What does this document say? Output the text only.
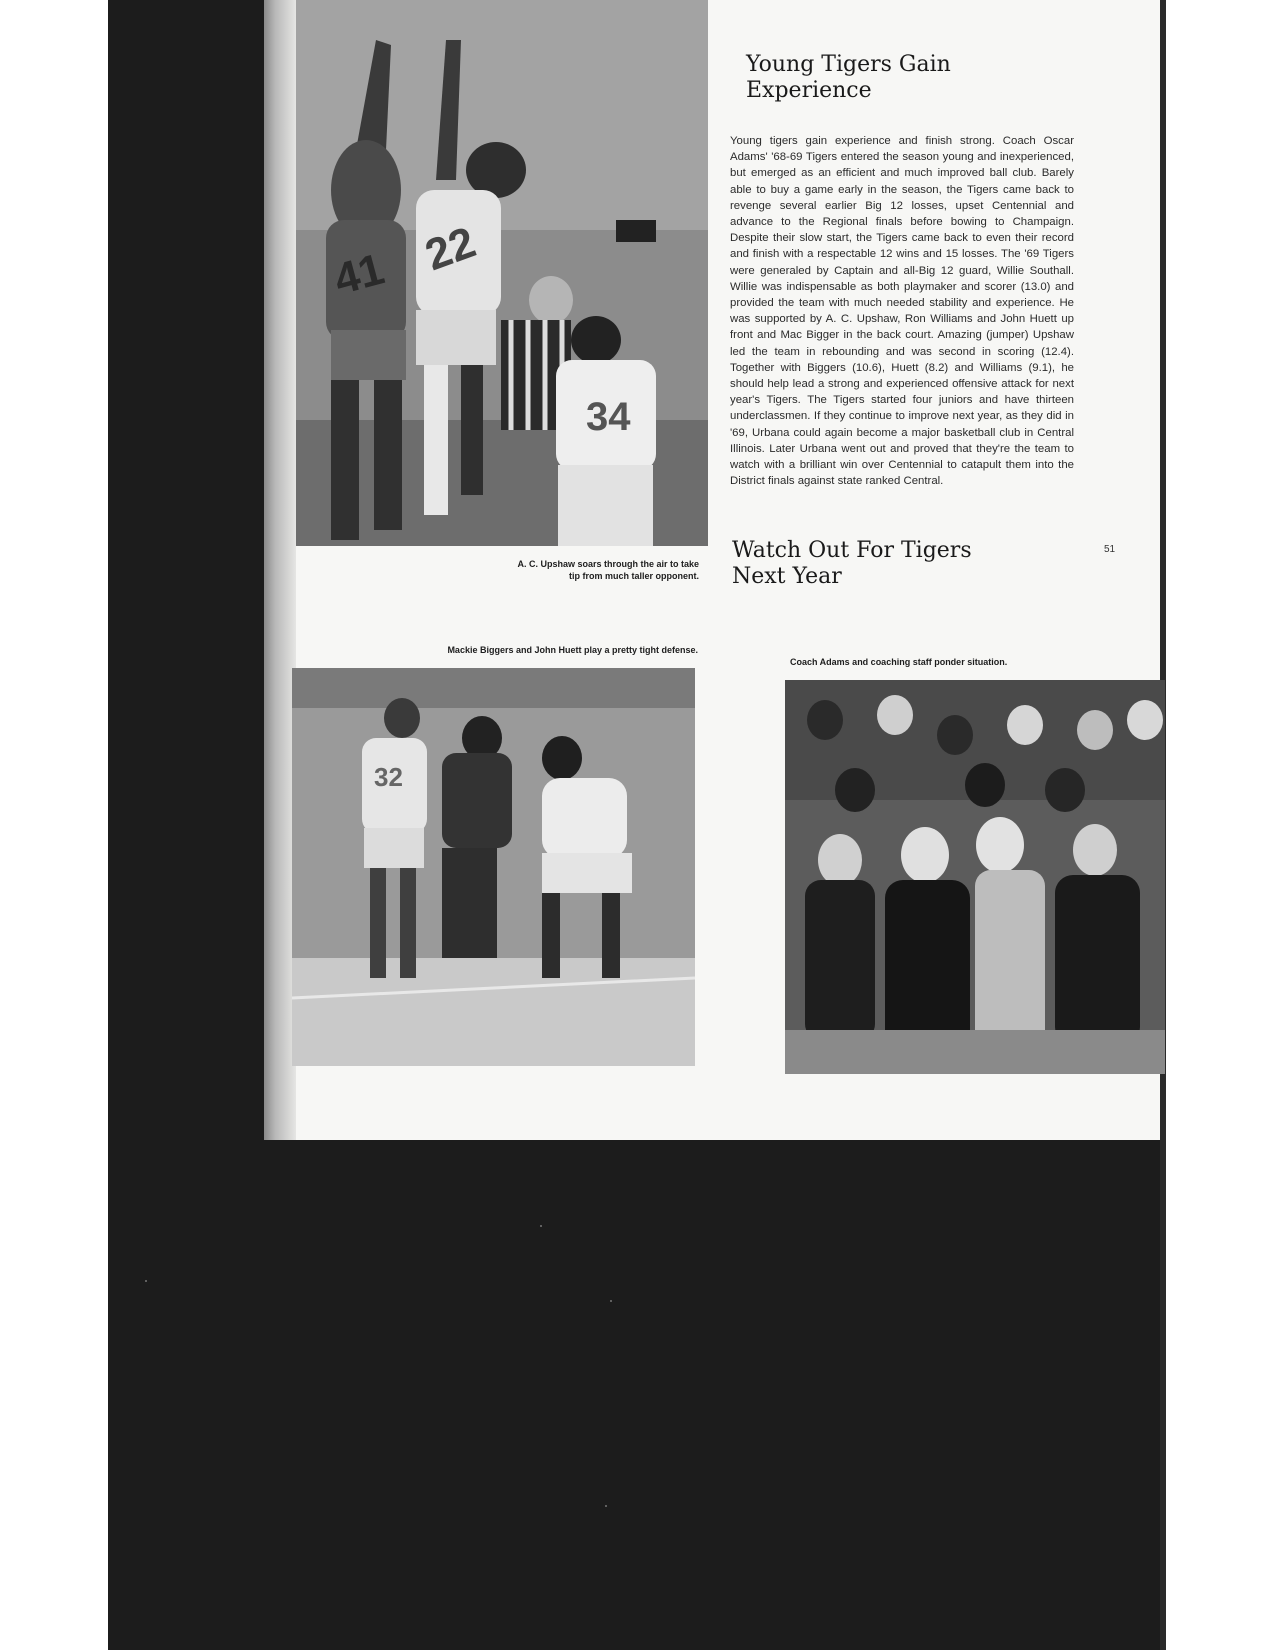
41 22
34
Young Tigers Gain Experience

Young tigers gain experience and finish strong. Coach Oscar Adams' '68-69 Tigers entered the season young and inexperienced, but emerged as an efficient and much improved ball club. Barely able to buy a game early in the season, the Tigers came back to revenge several earlier Big 12 losses, upset Centennial and advance to the Regional finals before bowing to Champaign. Despite their slow start, the Tigers came back to even their record and finish with a respectable 12 wins and 15 losses. The '69 Tigers were generaled by Captain and all-Big 12 guard, Willie Southall. Willie was indispensable as both playmaker and scorer (13.0) and provided the team with much needed stability and experience. He was supported by A. C. Upshaw, Ron Williams and John Huett up front and Mac Bigger in the back court. Amazing (jumper) Upshaw led the team in rebounding and was second in scoring (12.4). Together with Biggers (10.6), Huett (8.2) and Williams (9.1), he should help lead a strong and experienced offensive attack for next year's Tigers. The Tigers started four juniors and have thirteen underclassmen. If they continue to improve next year, as they did in '69, Urbana could again become a major basketball club in Central Illinois. Later Urbana went out and proved that they're the team to watch with a brilliant win over Centennial to catapult them into the District finals against state ranked Central.

A. C. Upshaw soars through the air to take tip from much taller opponent.

Watch Out For Tigers Next Year
51

Mackie Biggers and John Huett play a pretty tight defense.

Coach Adams and coaching staff ponder situation.

32
